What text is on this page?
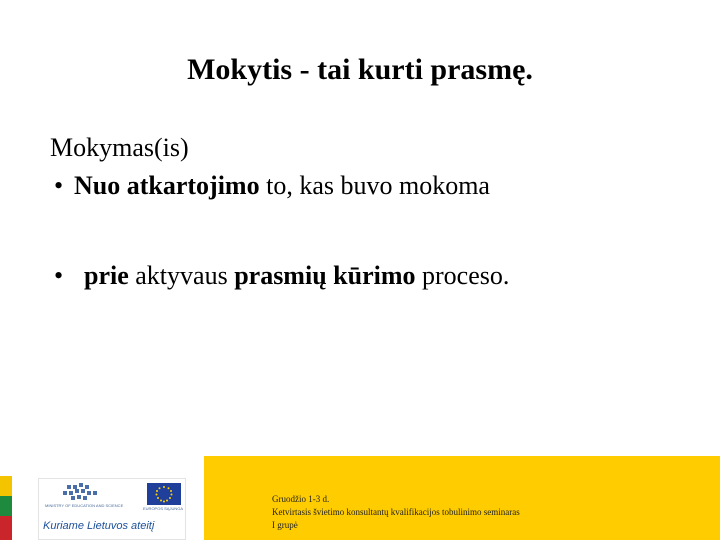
Mokytis - tai kurti prasmę.
Mokymas(is)
• Nuo atkartojimo to, kas buvo mokoma
• prie aktyvaus prasmių kūrimo proceso.
MINISTRY OF EDUCATION AND SCIENCE
EUROPOS SĄJUNGA
Kuriame Lietuvos ateitį
Gruodžio 1-3 d.
Ketvirtasis švietimo konsultantų kvalifikacijos tobulinimo seminaras
I grupė
